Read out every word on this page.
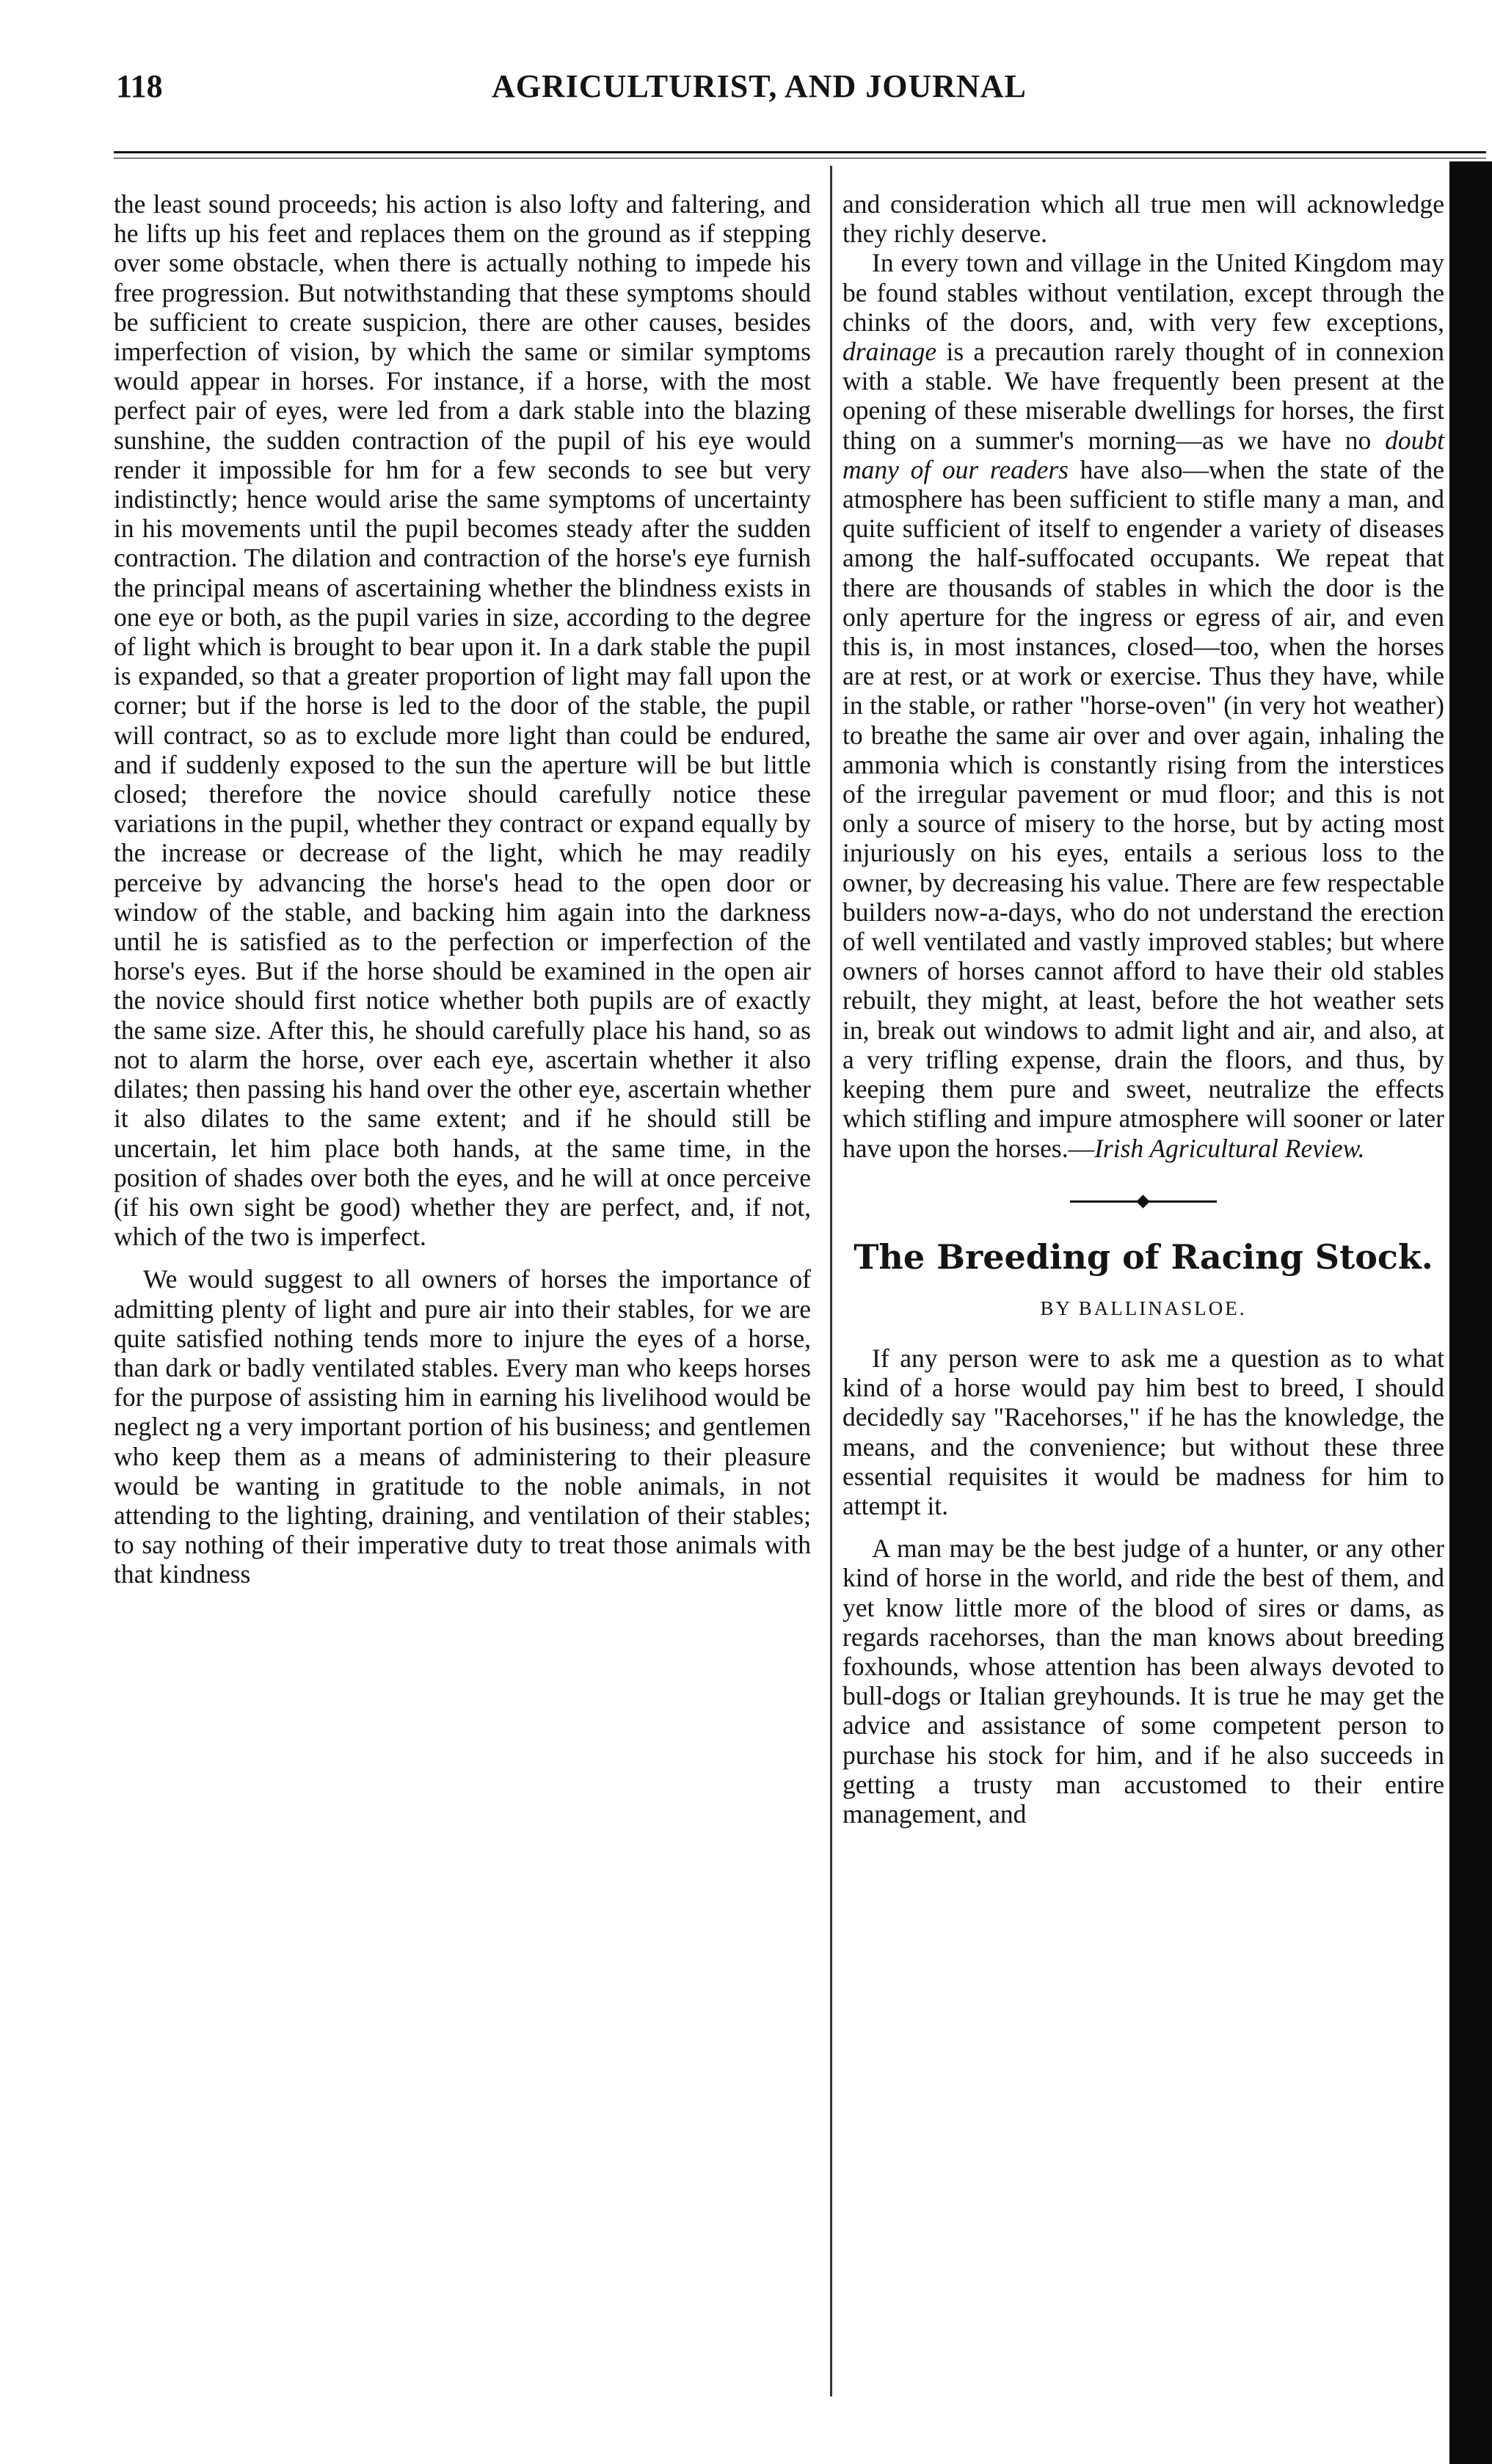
118	AGRICULTURIST, AND JOURNAL

the least sound proceeds; his action is also lofty and faltering, and he lifts up his feet and replaces them on the ground as if stepping over some obstacle, when there is actually nothing to impede his free progression. But notwithstanding that these symptoms should be sufficient to create suspicion, there are other causes, besides imperfection of vision, by which the same or similar symptoms would appear in horses. For instance, if a horse, with the most perfect pair of eyes, were led from a dark stable into the blazing sunshine, the sudden contraction of the pupil of his eye would render it impossible for hm for a few seconds to see but very indistinctly; hence would arise the same symptoms of uncertainty in his movements until the pupil becomes steady after the sudden contraction. The dilation and contraction of the horse's eye furnish the principal means of ascertaining whether the blindness exists in one eye or both, as the pupil varies in size, according to the degree of light which is brought to bear upon it. In a dark stable the pupil is expanded, so that a greater proportion of light may fall upon the corner; but if the horse is led to the door of the stable, the pupil will contract, so as to exclude more light than could be endured, and if suddenly exposed to the sun the aperture will be but little closed; therefore the novice should carefully notice these variations in the pupil, whether they contract or expand equally by the increase or decrease of the light, which he may readily perceive by advancing the horse's head to the open door or window of the stable, and backing him again into the darkness until he is satisfied as to the perfection or imperfection of the horse's eyes. But if the horse should be examined in the open air the novice should first notice whether both pupils are of exactly the same size. After this, he should carefully place his hand, so as not to alarm the horse, over each eye, ascertain whether it also dilates; then passing his hand over the other eye, ascertain whether it also dilates to the same extent; and if he should still be uncertain, let him place both hands, at the same time, in the position of shades over both the eyes, and he will at once perceive (if his own sight be good) whether they are perfect, and, if not, which of the two is imperfect.

We would suggest to all owners of horses the importance of admitting plenty of light and pure air into their stables, for we are quite satisfied nothing tends more to injure the eyes of a horse, than dark or badly ventilated stables. Every man who keeps horses for the purpose of assisting him in earning his livelihood would be neglect ng a very important portion of his business; and gentlemen who keep them as a means of administering to their pleasure would be wanting in gratitude to the noble animals, in not attending to the lighting, draining, and ventilation of their stables; to say nothing of their imperative duty to treat those animals with that kindness

and consideration which all true men will acknowledge they richly deserve.

In every town and village in the United Kingdom may be found stables without ventilation, except through the chinks of the doors, and, with very few exceptions, drainage is a precaution rarely thought of in connexion with a stable. We have frequently been present at the opening of these miserable dwellings for horses, the first thing on a summer's morning—as we have no doubt many of our readers have also—when the state of the atmosphere has been sufficient to stifle many a man, and quite sufficient of itself to engender a variety of diseases among the half-suffocated occupants. We repeat that there are thousands of stables in which the door is the only aperture for the ingress or egress of air, and even this is, in most instances, closed—too, when the horses are at rest, or at work or exercise. Thus they have, while in the stable, or rather "horse-oven" (in very hot weather) to breathe the same air over and over again, inhaling the ammonia which is constantly rising from the interstices of the irregular pavement or mud floor; and this is not only a source of misery to the horse, but by acting most injuriously on his eyes, entails a serious loss to the owner, by decreasing his value. There are few respectable builders now-a-days, who do not understand the erection of well ventilated and vastly improved stables; but where owners of horses cannot afford to have their old stables rebuilt, they might, at least, before the hot weather sets in, break out windows to admit light and air, and also, at a very trifling expense, drain the floors, and thus, by keeping them pure and sweet, neutralize the effects which stifling and impure atmosphere will sooner or later have upon the horses.—Irish Agricultural Review.

The Breeding of Racing Stock.
BY BALLINASLOE.

If any person were to ask me a question as to what kind of a horse would pay him best to breed, I should decidedly say "Racehorses," if he has the knowledge, the means, and the convenience; but without these three essential requisites it would be madness for him to attempt it.

A man may be the best judge of a hunter, or any other kind of horse in the world, and ride the best of them, and yet know little more of the blood of sires or dams, as regards racehorses, than the man knows about breeding foxhounds, whose attention has been always devoted to bull-dogs or Italian greyhounds. It is true he may get the advice and assistance of some competent person to purchase his stock for him, and if he also succeeds in getting a trusty man accustomed to their entire management, and
